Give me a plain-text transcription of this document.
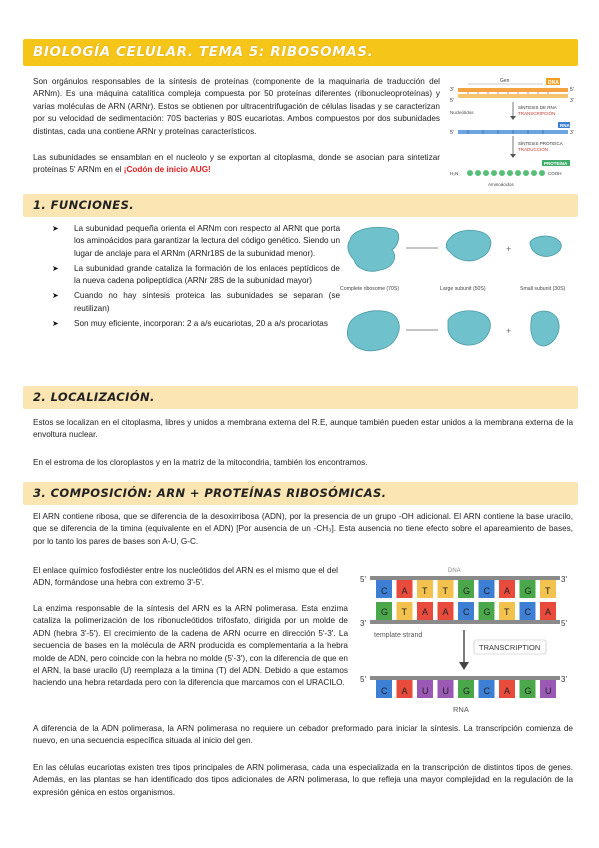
BIOLOGÍA CELULAR. TEMA 5: RIBOSOMAS.
Son orgánulos responsables de la síntesis de proteínas (componente de la maquinaria de traducción del ARNm). Es una máquina catalítica compleja compuesta por 50 proteínas diferentes (ribonucleoproteínas) y varias moléculas de ARN (ARNr). Estos se obtienen por ultracentrifugación de células lisadas y se caracterizan por su velocidad de sedimentación: 70S bacterias y 80S eucariotas. Ambos compuestos por dos subunidades distintas, cada una contiene ARNr y proteínas característicos.
Las subunidades se ensamblan en el nucleolo y se exportan al citoplasma, donde se asocian para sintetizar proteínas 5' ARNm en el ¡Codón de inicio AUG!
Gen	DNA
3'	5'
5'	3'
Nucleótidos
SÍNTESIS DE RNA
TRANSCRIPCIÓN
RNA
5'	3'
SÍNTESIS PROTEICA
TRADUCCIÓN
PROTEÍNA
H₂N	COOH
Aminoácidos
1. FUNCIONES.
➤ La subunidad pequeña orienta el ARNm con respecto al ARNt que porta los aminoácidos para garantizar la lectura del código genético. Siendo un lugar de anclaje para el ARNm (ARNr18S de la subunidad menor).
➤ La subunidad grande cataliza la formación de los enlaces peptídicos de la nueva cadena polipeptídica (ARNr 28S de la subunidad mayor)
➤ Cuando no hay síntesis proteica las subunidades se separan (se reutilizan)
➤ Son muy eficiente, incorporan: 2 a a/s eucariotas, 20 a a/s procariotas
+
+
Complete ribosome (70S)	Large subunit (50S)	Small subunit (30S)
2. LOCALIZACIÓN.
Estos se localizan en el citoplasma, libres y unidos a membrana externa del R.E, aunque también pueden estar unidos a la membrana externa de la envoltura nuclear.
En el estroma de los cloroplastos y en la matriz de la mitocondria, también los encontramos.
3. COMPOSICIÓN: ARN + PROTEÍNAS RIBOSÓMICAS.
El ARN contiene ribosa, que se diferencia de la desoxirribosa (ADN), por la presencia de un grupo -OH adicional. El ARN contiene la base uracilo, que se diferencia de la timina (equivalente en el ADN) [Por ausencia de un -CH₃]. Esta ausencia no tiene efecto sobre el apareamiento de bases, por lo tanto los pares de bases son A-U, G-C.
El enlace químico fosfodiéster entre los nucleótidos del ARN es el mismo que el del ADN, formándose una hebra con extremo 3'-5'.
La enzima responsable de la síntesis del ARN es la ARN polimerasa. Esta enzima cataliza la polimerización de los ribonucleótidos trifosfato, dirigida por un molde de ADN (hebra 3'-5'). El crecimiento de la cadena de ARN ocurre en dirección 5'-3'. La secuencia de bases en la molécula de ARN producida es complementaria a la hebra molde de ADN, pero coincide con la hebra no molde (5'-3'), con la diferencia de que en el ARN, la base uracilo (U) reemplaza a la timina (T) del ADN. Debido a que estamos haciendo una hebra retardada pero con la diferencia que marcamos con el URACILO.
A diferencia de la ADN polimerasa, la ARN polimerasa no requiere un cebador preformado para iniciar la síntesis. La transcripción comienza de nuevo, en una secuencia específica situada al inicio del gen.
En las células eucariotas existen tres tipos principales de ARN polimerasa, cada una especializada en la transcripción de distintos tipos de genes. Además, en las plantas se han identificado dos tipos adicionales de ARN polimerasa, lo que refleja una mayor complejidad en la regulación de la expresión génica en estos organismos.
DNA
5'	3'
C A T T G C A G T
G T A A C G T C A
3'	5'
template strand
TRANSCRIPTION
5'	3'
C A U U G C A G U
RNA
